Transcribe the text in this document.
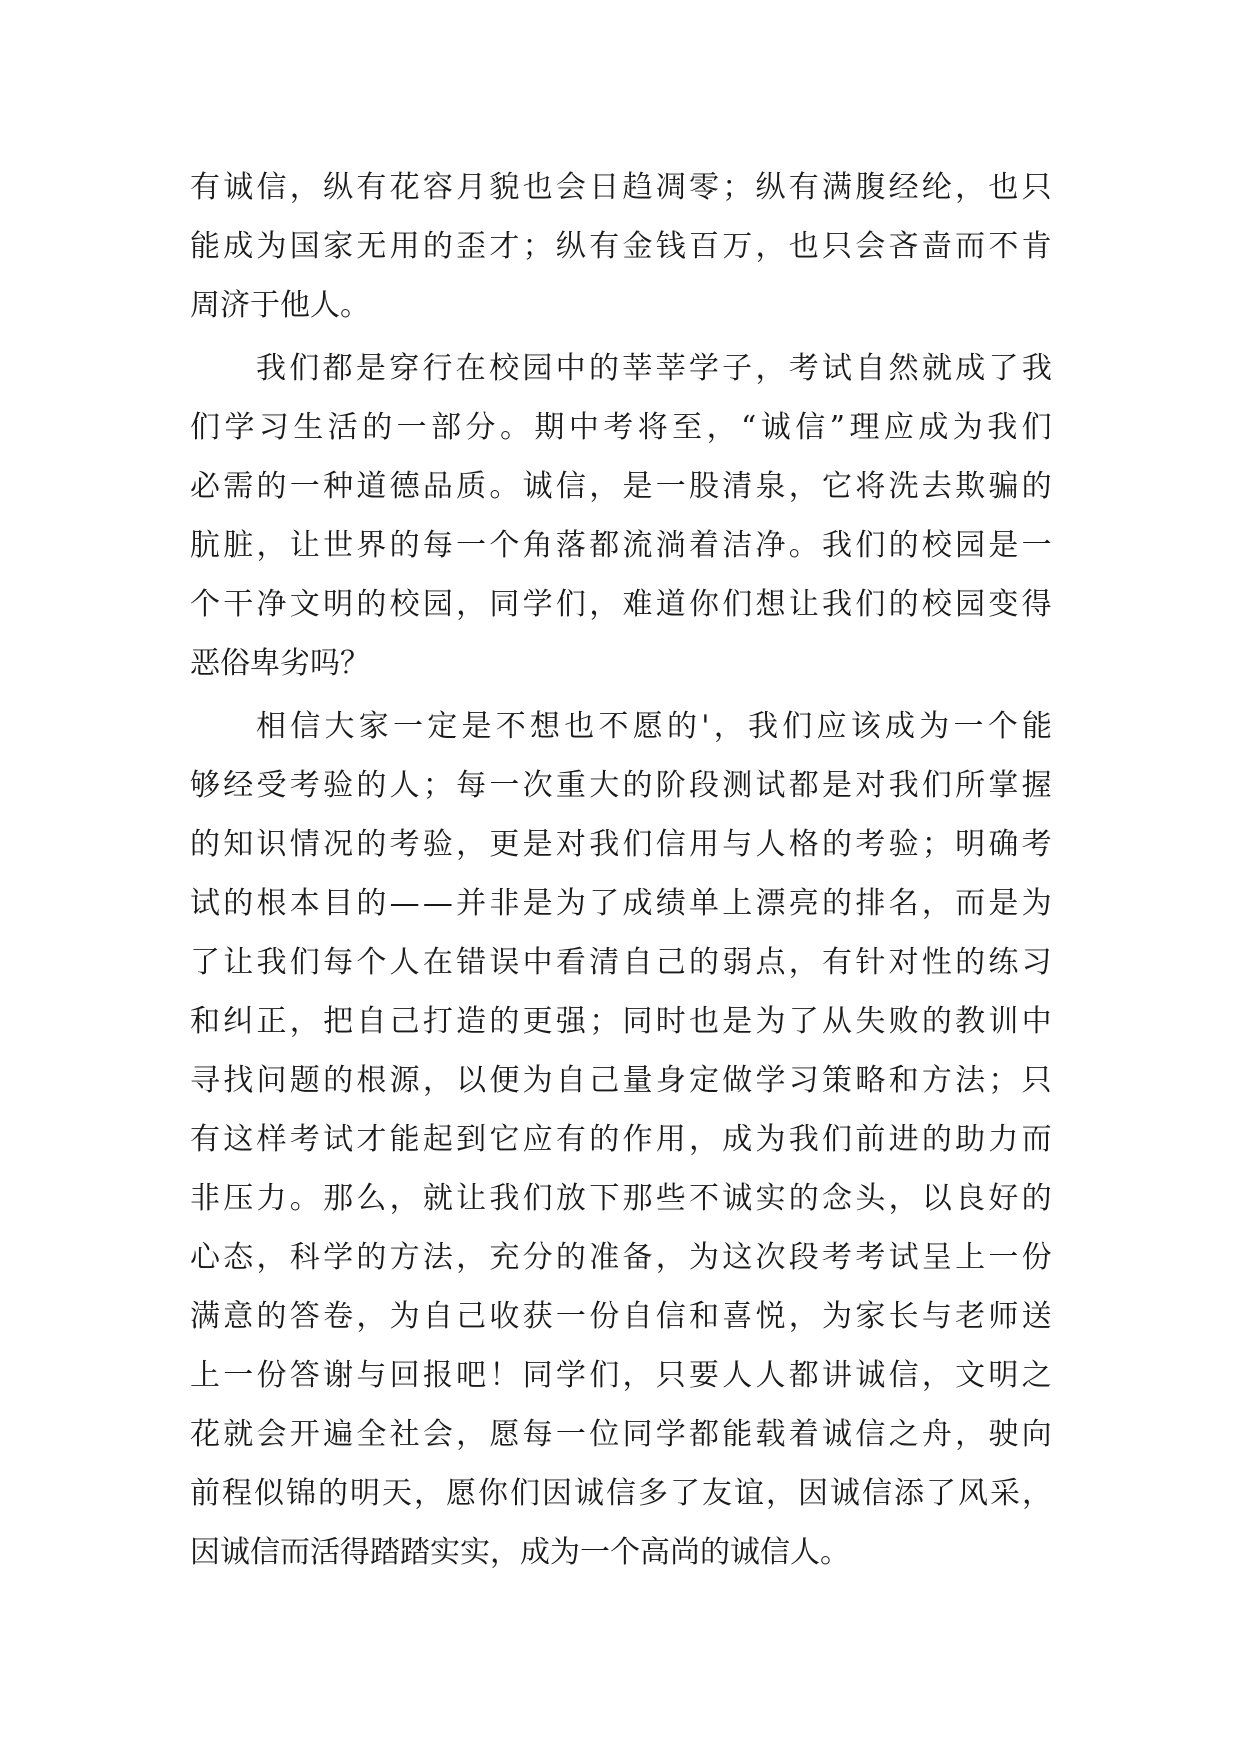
有 诚 信 ， 纵 有 花 容 月 貌 也 会 日 趋 凋 零 ； 纵 有 满 腹 经 纶 ， 也 只
能 成 为 国 家 无 用 的 歪 才 ； 纵 有 金 钱 百 万 ， 也 只 会 吝 啬 而 不 肯
周济于他人。
我 们 都 是 穿 行 在 校 园 中 的 莘 莘 学 子 ， 考 试 自 然 就 成 了 我
们 学 习 生 活 的 一 部 分 。 期 中 考 将 至 ， “ 诚 信 ” 理 应 成 为 我 们
必 需 的 一 种 道 德 品 质 。 诚 信 ， 是 一 股 清 泉 ， 它 将 洗 去 欺 骗 的
肮 脏 ， 让 世 界 的 每 一 个 角 落 都 流 淌 着 洁 净 。 我 们 的 校 园 是 一
个 干 净 文 明 的 校 园 ， 同 学 们 ， 难 道 你 们 想 让 我 们 的 校 园 变 得
恶俗卑劣吗？
相 信 大 家 一 定 是 不 想 也 不 愿 的 ' ， 我 们 应 该 成 为 一 个 能
够 经 受 考 验 的 人 ； 每 一 次 重 大 的 阶 段 测 试 都 是 对 我 们 所 掌 握
的 知 识 情 况 的 考 验 ， 更 是 对 我 们 信 用 与 人 格 的 考 验 ； 明 确 考
试 的 根 本 目 的 — — 并 非 是 为 了 成 绩 单 上 漂 亮 的 排 名 ， 而 是 为
了 让 我 们 每 个 人 在 错 误 中 看 清 自 己 的 弱 点 ， 有 针 对 性 的 练 习
和 纠 正 ， 把 自 己 打 造 的 更 强 ； 同 时 也 是 为 了 从 失 败 的 教 训 中
寻 找 问 题 的 根 源 ， 以 便 为 自 己 量 身 定 做 学 习 策 略 和 方 法 ； 只
有 这 样 考 试 才 能 起 到 它 应 有 的 作 用 ， 成 为 我 们 前 进 的 助 力 而
非 压 力 。 那 么 ， 就 让 我 们 放 下 那 些 不 诚 实 的 念 头 ， 以 良 好 的
心 态 ， 科 学 的 方 法 ， 充 分 的 准 备 ， 为 这 次 段 考 考 试 呈 上 一 份
满 意 的 答 卷 ， 为 自 己 收 获 一 份 自 信 和 喜 悦 ， 为 家 长 与 老 师 送
上 一 份 答 谢 与 回 报 吧 ！ 同 学 们 ， 只 要 人 人 都 讲 诚 信 ， 文 明 之
花 就 会 开 遍 全 社 会 ， 愿 每 一 位 同 学 都 能 载 着 诚 信 之 舟 ， 驶 向
前 程 似 锦 的 明 天 ， 愿 你 们 因 诚 信 多 了 友 谊 ， 因 诚 信 添 了 风 采 ，
因诚信而活得踏踏实实，成为一个高尚的诚信人。
